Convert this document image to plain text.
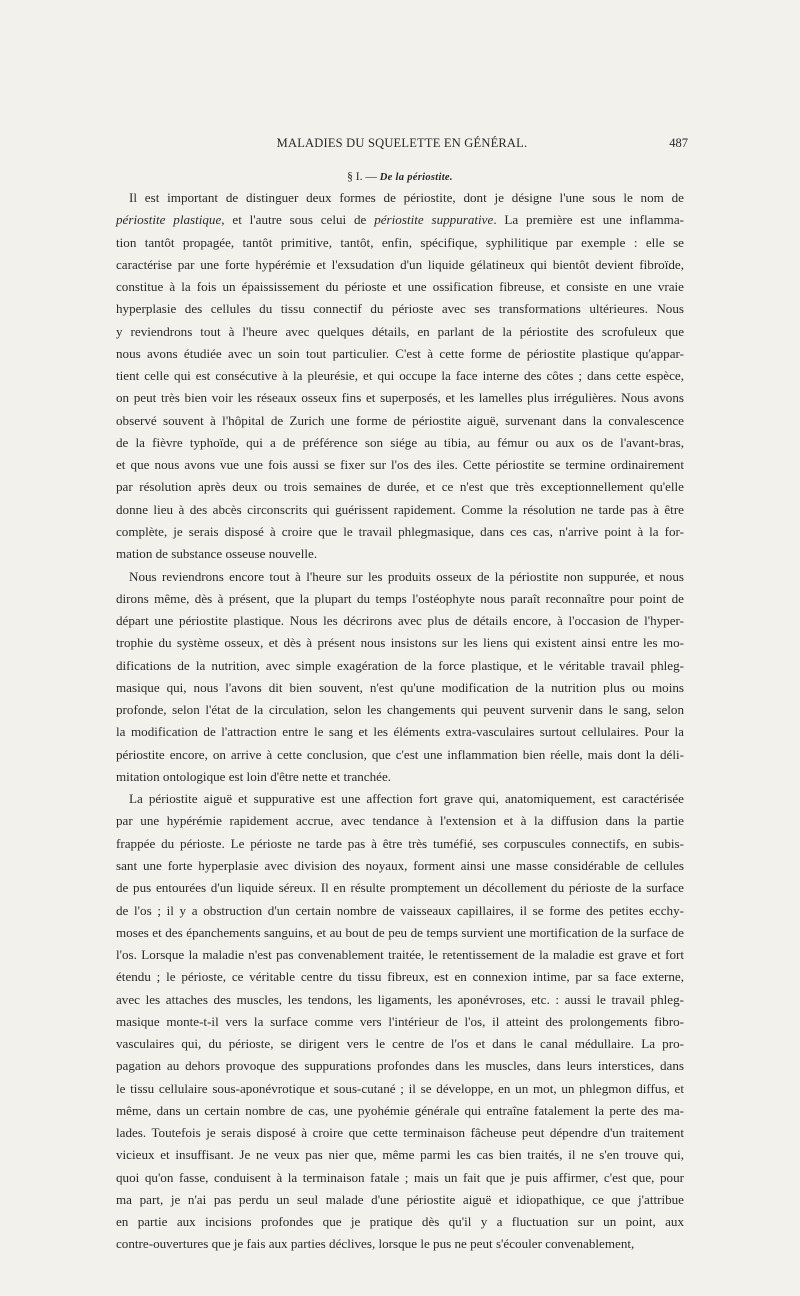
MALADIES DU SQUELETTE EN GÉNÉRAL.	487
§ I. — De la périostite.

Il est important de distinguer deux formes de périostite, dont je désigne l'une sous le nom de
périostite plastique, et l'autre sous celui de périostite suppurative. La première est une inflamma-
tion tantôt propagée, tantôt primitive, tantôt, enfin, spécifique, syphilitique par exemple : elle se
caractérise par une forte hypérémie et l'exsudation d'un liquide gélatineux qui bientôt devient fibroïde,
constitue à la fois un épaississement du périoste et une ossification fibreuse, et consiste en une vraie
hyperplasie des cellules du tissu connectif du périoste avec ses transformations ultérieures. Nous
y reviendrons tout à l'heure avec quelques détails, en parlant de la périostite des scrofuleux que
nous avons étudiée avec un soin tout particulier. C'est à cette forme de périostite plastique qu'appar-
tient celle qui est consécutive à la pleurésie, et qui occupe la face interne des côtes ; dans cette espèce,
on peut très bien voir les réseaux osseux fins et superposés, et les lamelles plus irrégulières. Nous avons
observé souvent à l'hôpital de Zurich une forme de périostite aiguë, survenant dans la convalescence
de la fièvre typhoïde, qui a de préférence son siége au tibia, au fémur ou aux os de l'avant-bras,
et que nous avons vue une fois aussi se fixer sur l'os des iles. Cette périostite se termine ordinairement
par résolution après deux ou trois semaines de durée, et ce n'est que très exceptionnellement qu'elle
donne lieu à des abcès circonscrits qui guérissent rapidement. Comme la résolution ne tarde pas à être
complète, je serais disposé à croire que le travail phlegmasique, dans ces cas, n'arrive point à la for-
mation de substance osseuse nouvelle.

Nous reviendrons encore tout à l'heure sur les produits osseux de la périostite non suppurée, et nous
dirons même, dès à présent, que la plupart du temps l'ostéophyte nous paraît reconnaître pour point de
départ une périostite plastique. Nous les décrirons avec plus de détails encore, à l'occasion de l'hyper-
trophie du système osseux, et dès à présent nous insistons sur les liens qui existent ainsi entre les mo-
difications de la nutrition, avec simple exagération de la force plastique, et le véritable travail phleg-
masique qui, nous l'avons dit bien souvent, n'est qu'une modification de la nutrition plus ou moins
profonde, selon l'état de la circulation, selon les changements qui peuvent survenir dans le sang, selon
la modification de l'attraction entre le sang et les éléments extra-vasculaires surtout cellulaires. Pour la
périostite encore, on arrive à cette conclusion, que c'est une inflammation bien réelle, mais dont la déli-
mitation ontologique est loin d'être nette et tranchée.

La périostite aiguë et suppurative est une affection fort grave qui, anatomiquement, est caractérisée
par une hypérémie rapidement accrue, avec tendance à l'extension et à la diffusion dans la partie
frappée du périoste. Le périoste ne tarde pas à être très tuméfié, ses corpuscules connectifs, en subis-
sant une forte hyperplasie avec division des noyaux, forment ainsi une masse considérable de cellules
de pus entourées d'un liquide séreux. Il en résulte promptement un décollement du périoste de la surface
de l'os ; il y a obstruction d'un certain nombre de vaisseaux capillaires, il se forme des petites ecchy-
moses et des épanchements sanguins, et au bout de peu de temps survient une mortification de la surface de
l'os. Lorsque la maladie n'est pas convenablement traitée, le retentissement de la maladie est grave et fort
étendu ; le périoste, ce véritable centre du tissu fibreux, est en connexion intime, par sa face externe,
avec les attaches des muscles, les tendons, les ligaments, les aponévroses, etc. : aussi le travail phleg-
masique monte-t-il vers la surface comme vers l'intérieur de l'os, il atteint des prolongements fibro-
vasculaires qui, du périoste, se dirigent vers le centre de l'os et dans le canal médullaire. La pro-
pagation au dehors provoque des suppurations profondes dans les muscles, dans leurs interstices, dans
le tissu cellulaire sous-aponévrotique et sous-cutané ; il se développe, en un mot, un phlegmon diffus, et
même, dans un certain nombre de cas, une pyohémie générale qui entraîne fatalement la perte des ma-
lades. Toutefois je serais disposé à croire que cette terminaison fâcheuse peut dépendre d'un traitement
vicieux et insuffisant. Je ne veux pas nier que, même parmi les cas bien traités, il ne s'en trouve qui,
quoi qu'on fasse, conduisent à la terminaison fatale ; mais un fait que je puis affirmer, c'est que, pour
ma part, je n'ai pas perdu un seul malade d'une périostite aiguë et idiopathique, ce que j'attribue
en partie aux incisions profondes que je pratique dès qu'il y a fluctuation sur un point, aux
contre-ouvertures que je fais aux parties déclives, lorsque le pus ne peut s'écouler convenablement,
